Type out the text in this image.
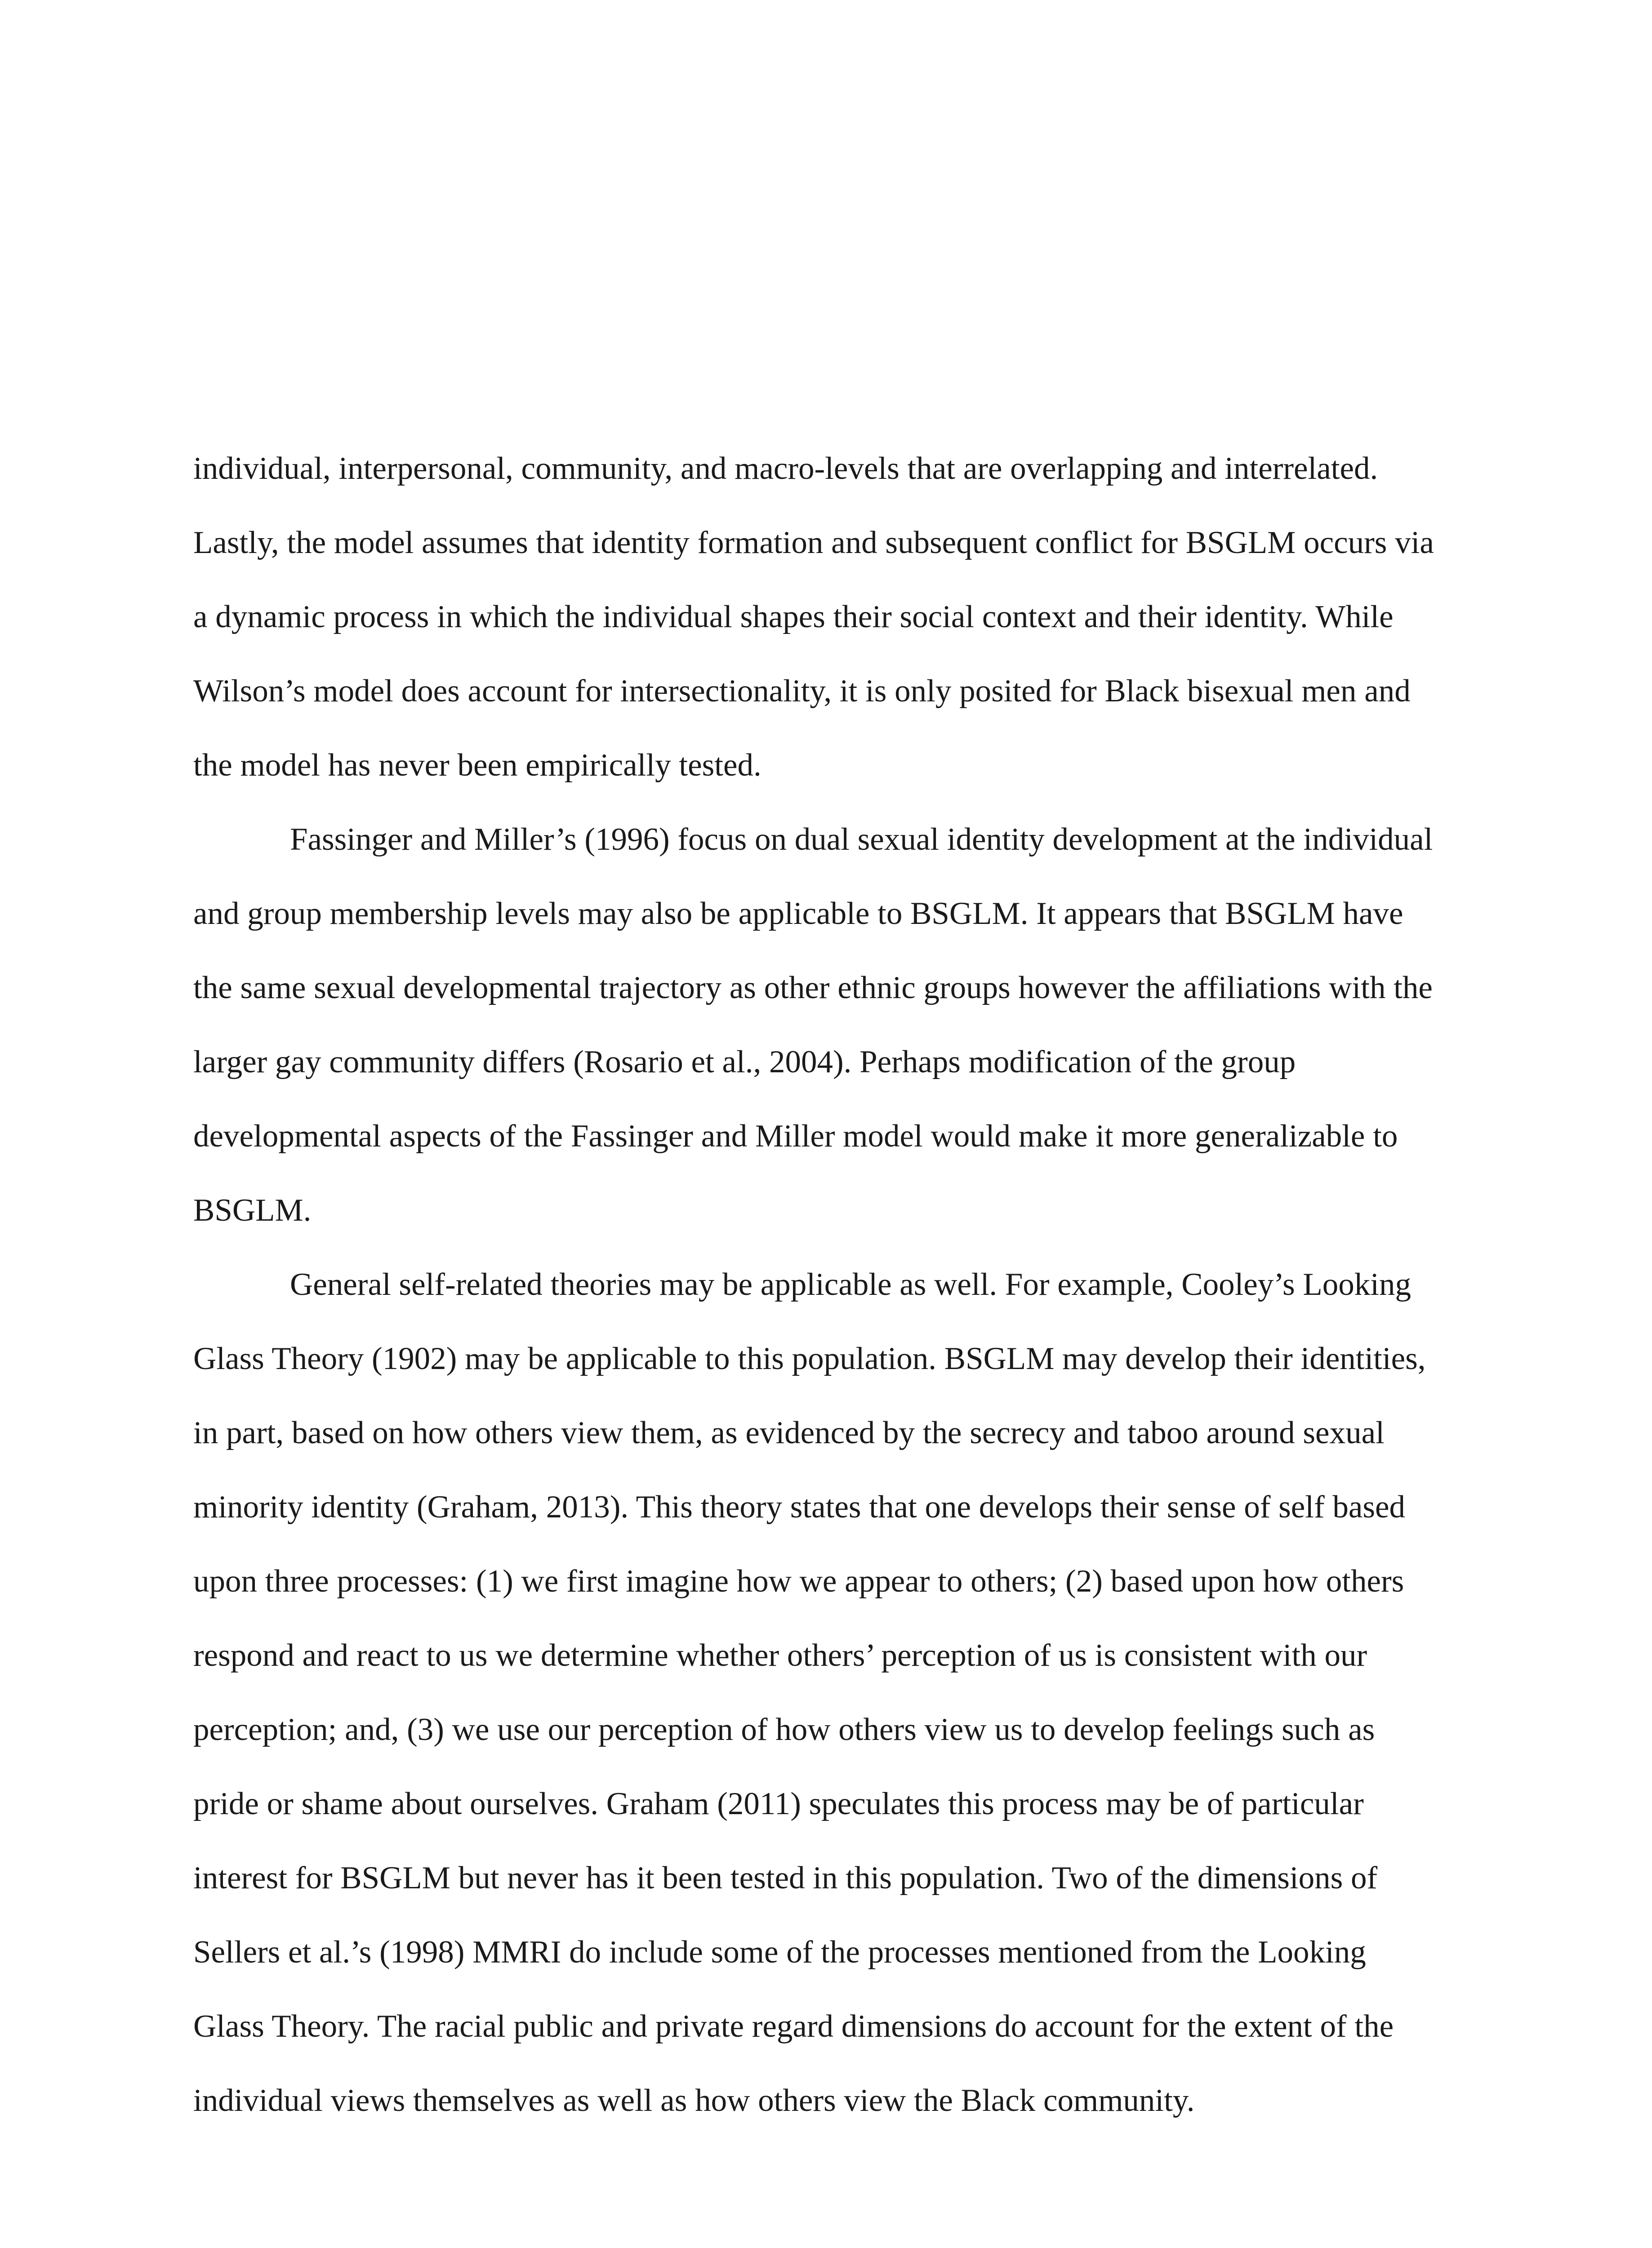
individual, interpersonal, community, and macro-levels that are overlapping and interrelated.
Lastly, the model assumes that identity formation and subsequent conflict for BSGLM occurs via
a dynamic process in which the individual shapes their social context and their identity. While
Wilson’s model does account for intersectionality, it is only posited for Black bisexual men and
the model has never been empirically tested.
Fassinger and Miller’s (1996) focus on dual sexual identity development at the individual
and group membership levels may also be applicable to BSGLM. It appears that BSGLM have
the same sexual developmental trajectory as other ethnic groups however the affiliations with the
larger gay community differs (Rosario et al., 2004). Perhaps modification of the group
developmental aspects of the Fassinger and Miller model would make it more generalizable to
BSGLM.
General self-related theories may be applicable as well. For example, Cooley’s Looking
Glass Theory (1902) may be applicable to this population. BSGLM may develop their identities,
in part, based on how others view them, as evidenced by the secrecy and taboo around sexual
minority identity (Graham, 2013). This theory states that one develops their sense of self based
upon three processes: (1) we first imagine how we appear to others; (2) based upon how others
respond and react to us we determine whether others’ perception of us is consistent with our
perception; and, (3) we use our perception of how others view us to develop feelings such as
pride or shame about ourselves. Graham (2011) speculates this process may be of particular
interest for BSGLM but never has it been tested in this population. Two of the dimensions of
Sellers et al.’s (1998) MMRI do include some of the processes mentioned from the Looking
Glass Theory. The racial public and private regard dimensions do account for the extent of the
individual views themselves as well as how others view the Black community.
